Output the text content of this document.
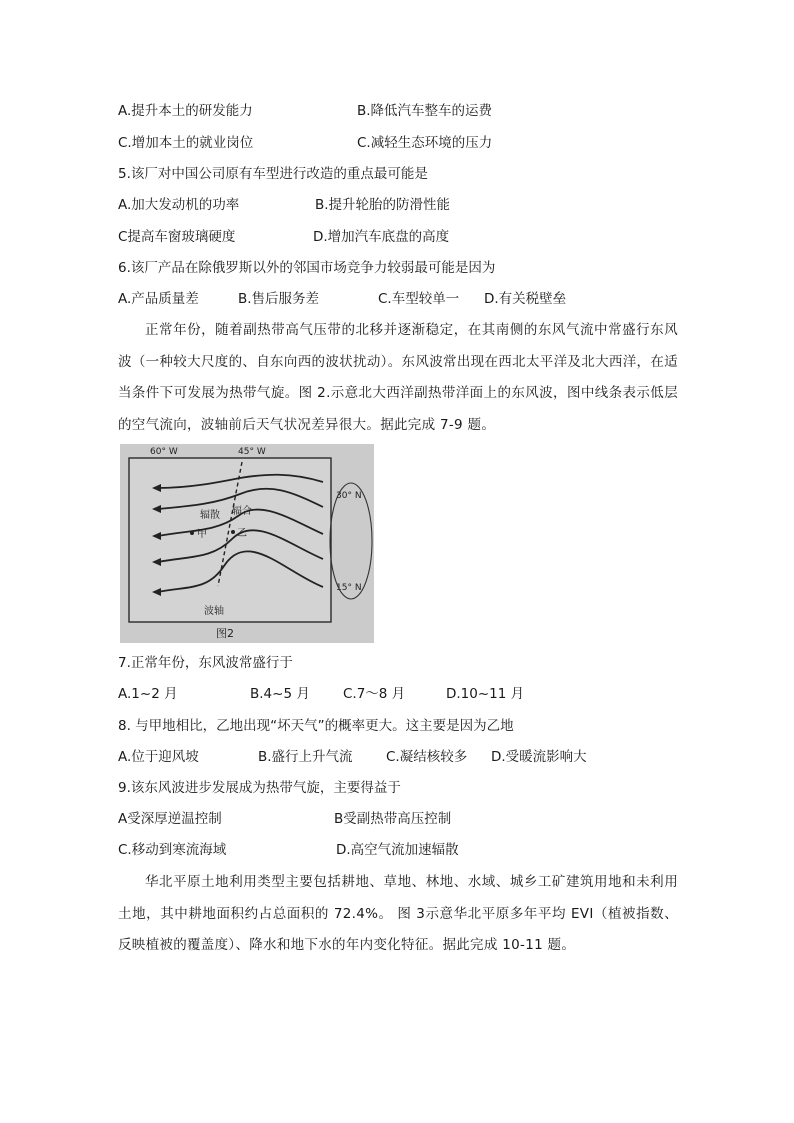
A.提升本土的研发能力	B.降低汽车整车的运费
C.增加本土的就业岗位	C.减轻生态环境的压力
5.该厂对中国公司原有车型进行改造的重点最可能是
A.加大发动机的功率	B.提升轮胎的防滑性能
C提高车窗玻璃硬度	D.增加汽车底盘的高度
6.该厂产品在除俄罗斯以外的邻国市场竞争力较弱最可能是因为
A.产品质量差	B.售后服务差	C.车型较单一 D.有关税壁垒
正常年份，随着副热带高气压带的北移并逐渐稳定，在其南侧的东风气流中常盛行东风波（一种较大尺度的、自东向西的波状扰动）。东风波常出现在西北太平洋及北大西洋，在适当条件下可发展为热带气旋。图 2.示意北大西洋副热带洋面上的东风波，图中线条表示低层的空气流向，波轴前后天气状况差异很大。据此完成 7-9 题。
60° W	45° W
30° N
15° N
辐散 辐合
甲	乙
波轴
图2
7.正常年份，东风波常盛行于
A.1~2 月	B.4~5 月 C.7～8 月	D.10~11 月
8. 与甲地相比，乙地出现“坏天气”的概率更大。这主要是因为乙地
A.位于迎风坡	B.盛行上升气流 C.凝结核较多 D.受暖流影响大
9.该东风波进步发展成为热带气旋，主要得益于
A受深厚逆温控制	B受副热带高压控制
C.移动到寒流海域	D.高空气流加速辐散
华北平原土地利用类型主要包括耕地、草地、林地、水域、城乡工矿建筑用地和未利用土地，其中耕地面积约占总面积的 72.4%。 图 3示意华北平原多年平均 EVI（植被指数、反映植被的覆盖度）、降水和地下水的年内变化特征。据此完成 10-11 题。
